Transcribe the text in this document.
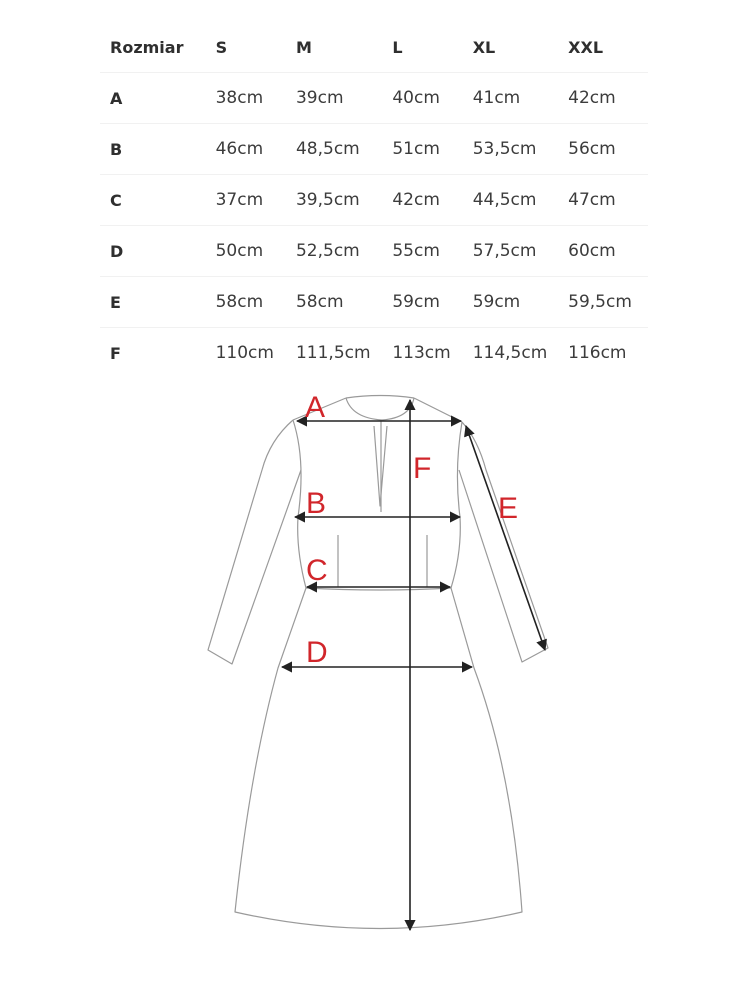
Rozmiar	S	M	L	XL	XXL
A	38cm	39cm	40cm	41cm	42cm
B	46cm	48,5cm	51cm	53,5cm	56cm
C	37cm	39,5cm	42cm	44,5cm	47cm
D	50cm	52,5cm	55cm	57,5cm	60cm
E	58cm	58cm	59cm	59cm	59,5cm
F	110cm	111,5cm	113cm	114,5cm	116cm
A
B
C
D
E
F
